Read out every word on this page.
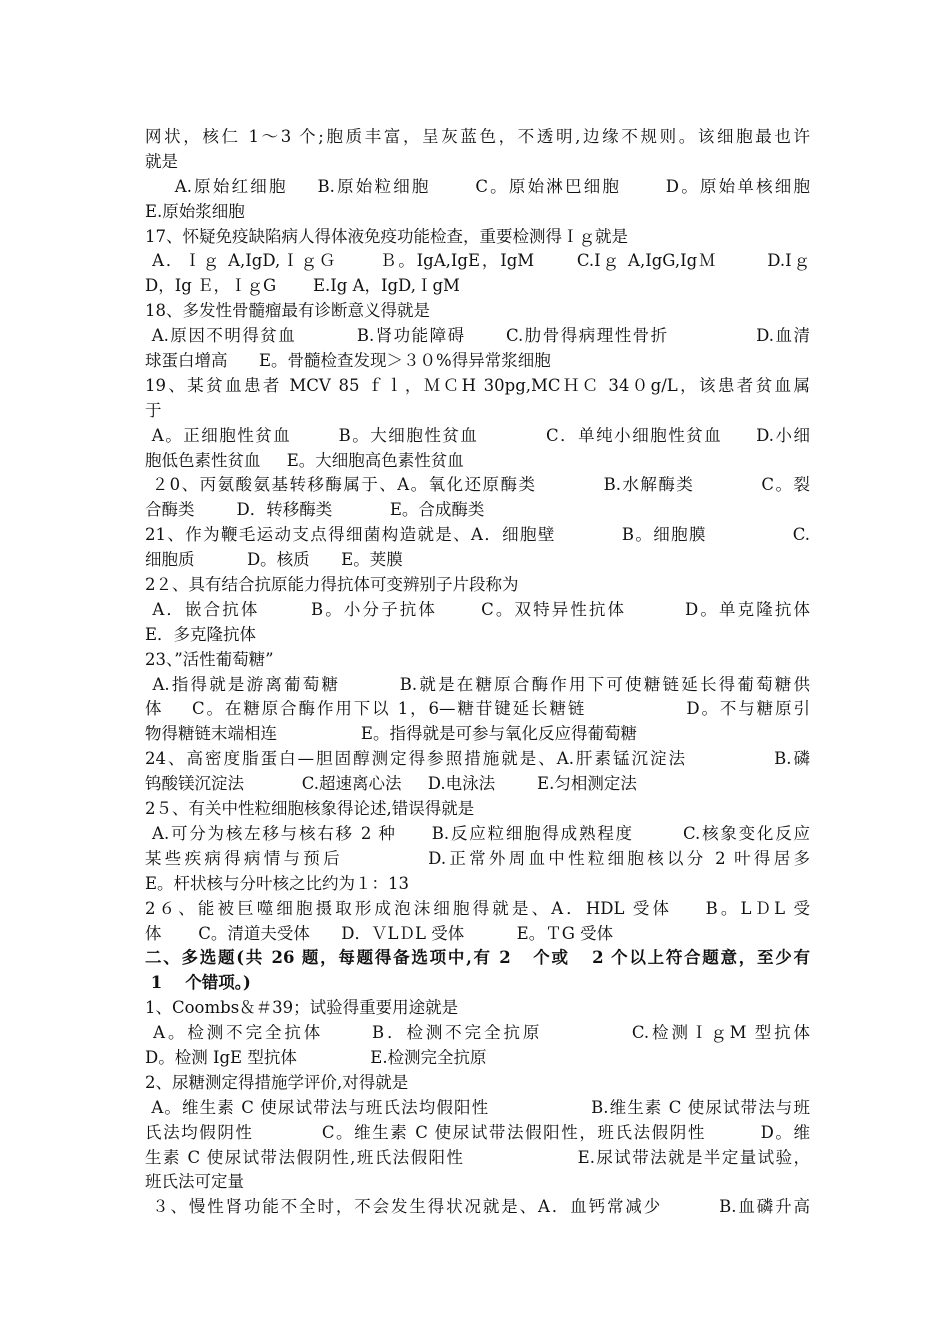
网状，核仁 1～3 个;胞质丰富，呈灰蓝色，不透明,边缘不规则。该细胞最也许
就是
A.原始红细胞    B.原始粒细胞      C。原始淋巴细胞      D。原始单核细胞
E.原始浆细胞
17、怀疑免疫缺陷病人得体液免疫功能检查，重要检测得Ｉｇ就是
A．Ｉｇ A,IgD,ＩｇＧ      Ｂ。IgA,IgE，IgM      C.Iｇ A,IgG,IgＭ       D.Iｇ
D，Ig Ｅ，ＩｇG       E.Ig A，IgD,ＩgM
18、多发性骨髓瘤最有诊断意义得就是
A.原因不明得贫血         B.肾功能障碍      C.肋骨得病理性骨折             D.血清
球蛋白增高      E。骨髓检查发现＞３０%得异常浆细胞
19、某贫血患者 MCV 85 ｆｌ，ＭＣH 30pg,MCＨＣ 34０g/L，该患者贫血属
于
A。正细胞性贫血       B。大细胞性贫血          C．单纯小细胞性贫血     D.小细
胞低色素性贫血     E。大细胞高色素性贫血
２0、丙氨酸氨基转移酶属于、A。氧化还原酶类          B.水解酶类          C。裂
合酶类        D．转移酶类           E。合成酶类
21、作为鞭毛运动支点得细菌构造就是、A．细胞壁          B。细胞膜             C.
细胞质          D。核质      E。荚膜
2２、具有结合抗原能力得抗体可变辨别子片段称为
A．嵌合抗体       B。小分子抗体      C。双特异性抗体        D。单克隆抗体
E．多克隆抗体
23、”活性葡萄糖”
A.指得就是游离葡萄糖        B.就是在糖原合酶作用下可使糖链延长得葡萄糖供
体    C。在糖原合酶作用下以 1，6—糖苷键延长糖链              D。不与糖原引
物得糖链末端相连                E。指得就是可参与氧化反应得葡萄糖
24、高密度脂蛋白—胆固醇测定得参照措施就是、A.肝素锰沉淀法            B.磷
钨酸镁沉淀法           C.超速离心法     D.电泳法        E.匀相测定法
2５、有关中性粒细胞核象得论述,错误得就是
A.可分为核左移与核右移 2 种     B.反应粒细胞得成熟程度       C.核象变化反应
某些疾病得病情与预后          D.正常外周血中性粒细胞核以分 2 叶得居多
E。杆状核与分叶核之比约为１：13
2６、能被巨噬细胞摄取形成泡沫细胞得就是、A．HDL 受体    B。LＤL 受
体       C。清道夫受体      D．ＶLＤL 受体          E。ＴG 受体
二、多选题(共 26 题，每题得备选项中,有 2   个或   2 个以上符合题意，至少有
1    个错项。)
1、Coombs＆＃39；试验得重要用途就是
A。检测不完全抗体      B．检测不完全抗原           C.检测ＩｇM 型抗体
D。检测 IgE 型抗体              E.检测完全抗原
2、尿糖测定得措施学评价,对得就是
A。维生素 C 使尿试带法与班氏法均假阳性                B.维生素 C 使尿试带法与班
氏法均假阴性          C。维生素 C 使尿试带法假阳性，班氏法假阴性        D。维
生素 C 使尿试带法假阴性,班氏法假阳性                 E.尿试带法就是半定量试验，
班氏法可定量
３、慢性肾功能不全时，不会发生得状况就是、A．血钙常减少        B.血磷升高
